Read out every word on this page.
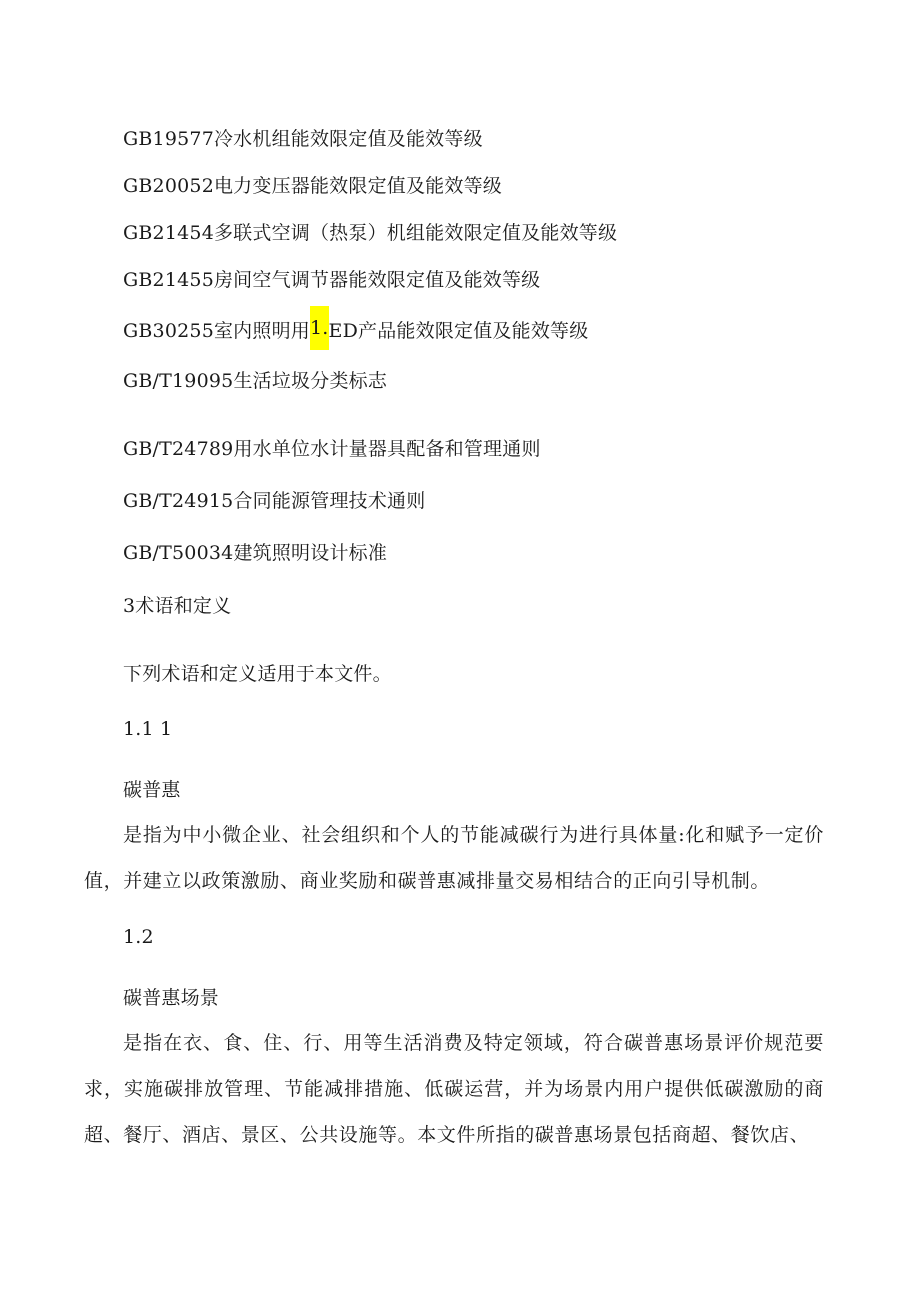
GB19577冷水机组能效限定值及能效等级
GB20052电力变压器能效限定值及能效等级
GB21454多联式空调（热泵）机组能效限定值及能效等级
GB21455房间空气调节器能效限定值及能效等级
GB30255室内照明用1.ED产品能效限定值及能效等级
GB/T19095生活垃圾分类标志
GB/T24789用水单位水计量器具配备和管理通则
GB/T24915合同能源管理技术通则
GB/T50034建筑照明设计标准
3术语和定义
下列术语和定义适用于本文件。
1.1 1
碳普惠
是指为中小微企业、社会组织和个人的节能减碳行为进行具体量:化和赋予一定价值，并建立以政策激励、商业奖励和碳普惠减排量交易相结合的正向引导机制。
1.2
碳普惠场景
是指在衣、食、住、行、用等生活消费及特定领域，符合碳普惠场景评价规范要求，实施碳排放管理、节能减排措施、低碳运营，并为场景内用户提供低碳激励的商超、餐厅、酒店、景区、公共设施等。本文件所指的碳普惠场景包括商超、餐饮店、
